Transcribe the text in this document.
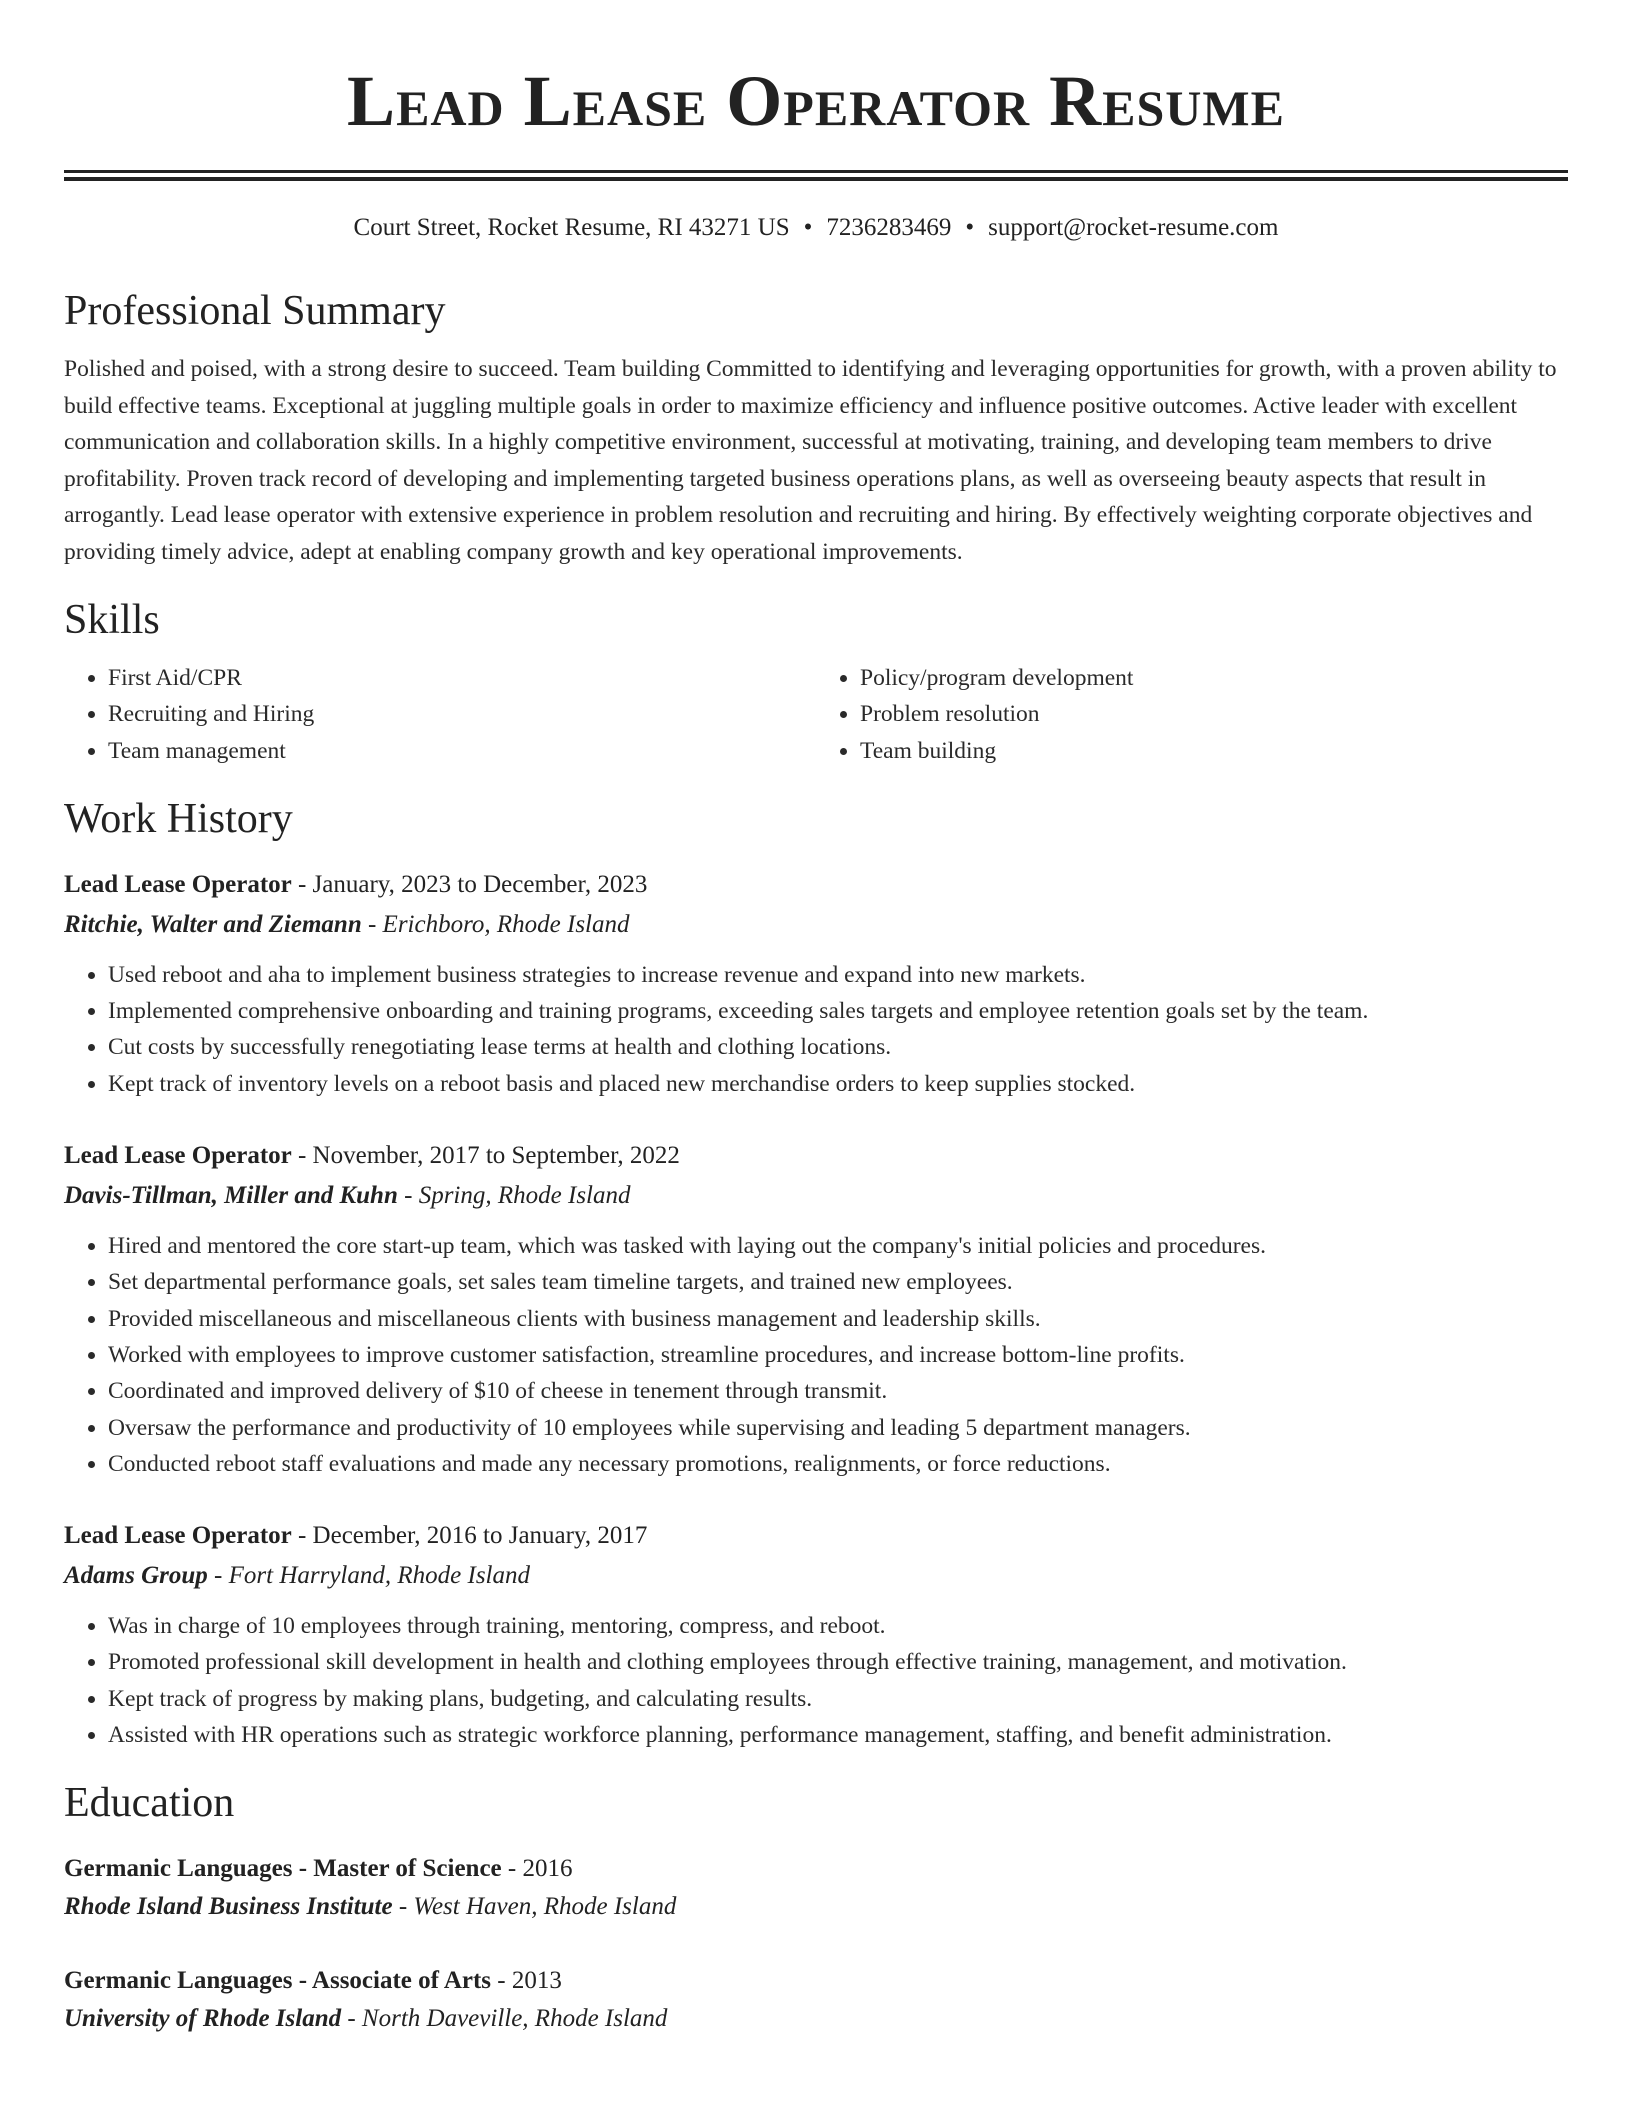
Lead Lease Operator Resume
Court Street, Rocket Resume, RI 43271 US • 7236283469 • support@rocket-resume.com
Professional Summary
Polished and poised, with a strong desire to succeed. Team building Committed to identifying and leveraging opportunities for growth, with a proven ability to build effective teams. Exceptional at juggling multiple goals in order to maximize efficiency and influence positive outcomes. Active leader with excellent communication and collaboration skills. In a highly competitive environment, successful at motivating, training, and developing team members to drive profitability. Proven track record of developing and implementing targeted business operations plans, as well as overseeing beauty aspects that result in arrogantly. Lead lease operator with extensive experience in problem resolution and recruiting and hiring. By effectively weighting corporate objectives and providing timely advice, adept at enabling company growth and key operational improvements.
Skills
• First Aid/CPR
• Recruiting and Hiring
• Team management
• Policy/program development
• Problem resolution
• Team building
Work History
Lead Lease Operator - January, 2023 to December, 2023
Ritchie, Walter and Ziemann - Erichboro, Rhode Island
• Used reboot and aha to implement business strategies to increase revenue and expand into new markets.
• Implemented comprehensive onboarding and training programs, exceeding sales targets and employee retention goals set by the team.
• Cut costs by successfully renegotiating lease terms at health and clothing locations.
• Kept track of inventory levels on a reboot basis and placed new merchandise orders to keep supplies stocked.
Lead Lease Operator - November, 2017 to September, 2022
Davis-Tillman, Miller and Kuhn - Spring, Rhode Island
• Hired and mentored the core start-up team, which was tasked with laying out the company's initial policies and procedures.
• Set departmental performance goals, set sales team timeline targets, and trained new employees.
• Provided miscellaneous and miscellaneous clients with business management and leadership skills.
• Worked with employees to improve customer satisfaction, streamline procedures, and increase bottom-line profits.
• Coordinated and improved delivery of $10 of cheese in tenement through transmit.
• Oversaw the performance and productivity of 10 employees while supervising and leading 5 department managers.
• Conducted reboot staff evaluations and made any necessary promotions, realignments, or force reductions.
Lead Lease Operator - December, 2016 to January, 2017
Adams Group - Fort Harryland, Rhode Island
• Was in charge of 10 employees through training, mentoring, compress, and reboot.
• Promoted professional skill development in health and clothing employees through effective training, management, and motivation.
• Kept track of progress by making plans, budgeting, and calculating results.
• Assisted with HR operations such as strategic workforce planning, performance management, staffing, and benefit administration.
Education
Germanic Languages - Master of Science - 2016
Rhode Island Business Institute - West Haven, Rhode Island
Germanic Languages - Associate of Arts - 2013
University of Rhode Island - North Daveville, Rhode Island
